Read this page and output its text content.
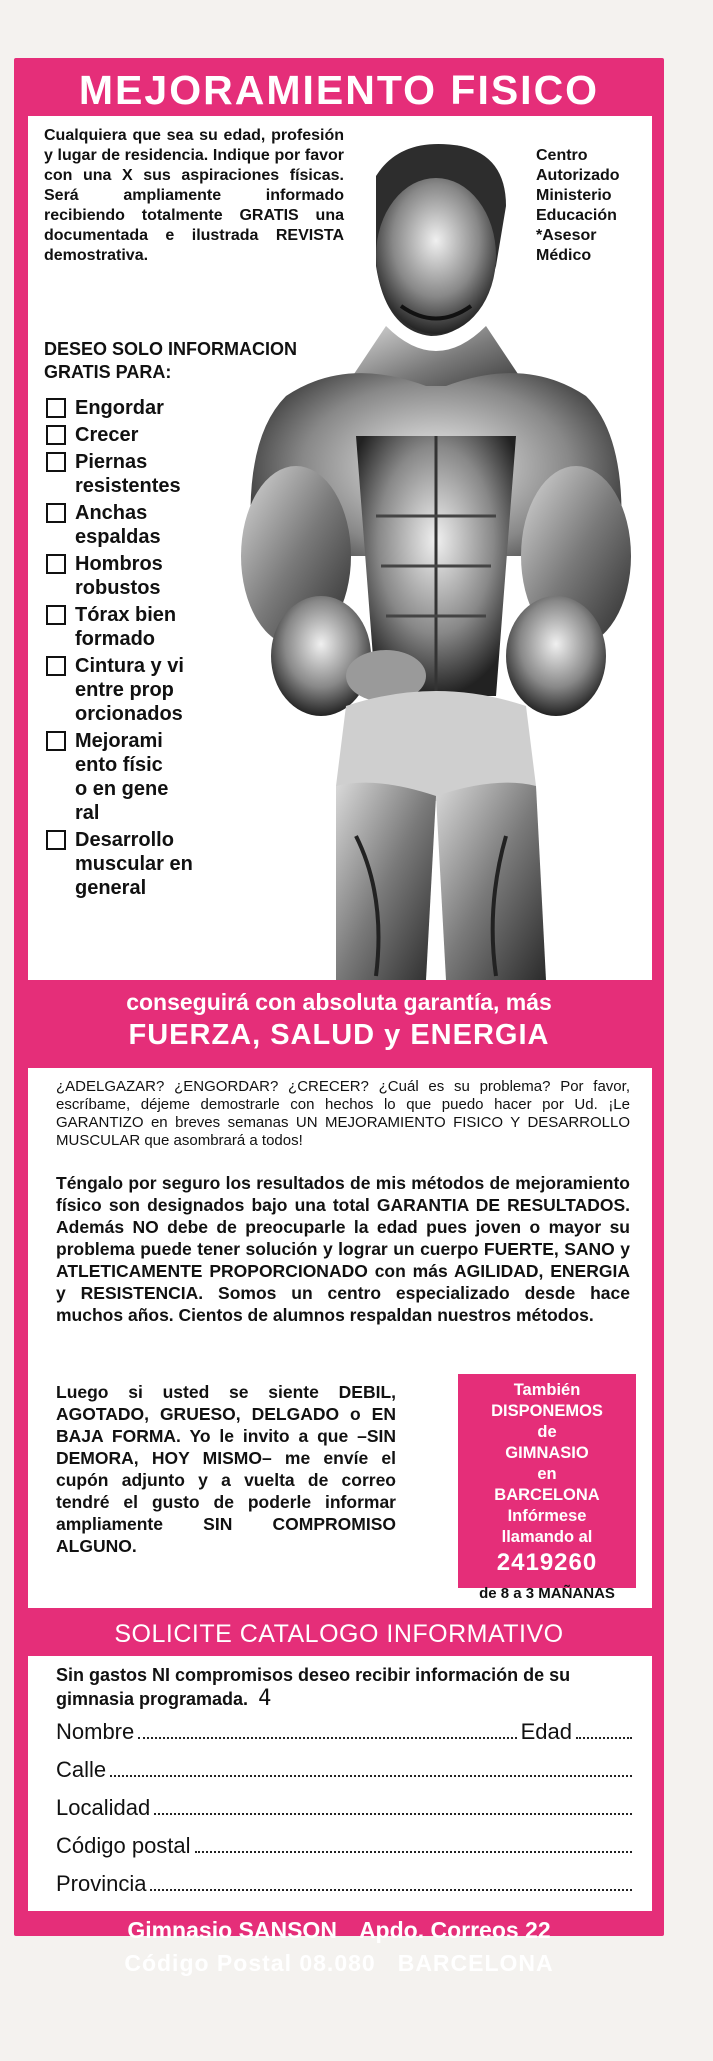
MEJORAMIENTO FISICO
Cualquiera que sea su edad, profesión y lugar de residencia. Indique por favor con una X sus aspiraciones físicas. Será ampliamente informado recibiendo totalmente GRATIS una documentada e ilustrada REVISTA demostrativa.
DESEO SOLO INFORMACION GRATIS PARA:
Engordar
Crecer
Piernas resistentes
Anchas espaldas
Hombros robustos
Tórax bien formado
Cintura y vientre proporcionados
Mejoramiento físico en general
Desarrollo muscular en general
Centro
Autorizado
Ministerio
Educación
*Asesor
Médico
conseguirá con absoluta garantía, más
FUERZA, SALUD y ENERGIA
¿ADELGAZAR? ¿ENGORDAR? ¿CRECER? ¿Cuál es su problema? Por favor, escríbame, déjeme demostrarle con hechos lo que puedo hacer por Ud. ¡Le GARANTIZO en breves semanas UN MEJORAMIENTO FISICO Y DESARROLLO MUSCULAR que asombrará a todos!
Téngalo por seguro los resultados de mis métodos de mejoramiento físico son designados bajo una total GARANTIA DE RESULTADOS. Además NO debe de preocuparle la edad pues joven o mayor su problema puede tener solución y lograr un cuerpo FUERTE, SANO y ATLETICAMENTE PROPORCIONADO con más AGILIDAD, ENERGIA y RESISTENCIA. Somos un centro especializado desde hace muchos años. Cientos de alumnos respaldan nuestros métodos.
Luego si usted se siente DEBIL, AGOTADO, GRUESO, DELGADO o EN BAJA FORMA. Yo le invito a que –SIN DEMORA, HOY MISMO– me envíe el cupón adjunto y a vuelta de correo tendré el gusto de poderle informar ampliamente SIN COMPROMISO ALGUNO.
También
DISPONEMOS
de
GIMNASIO
en
BARCELONA
Infórmese
llamando al
2419260
de 8 a 3 MAÑANAS
SOLICITE CATALOGO INFORMATIVO
Sin gastos NI compromisos deseo recibir información de su gimnasia programada. 4
Nombre	Edad
Calle
Localidad
Código postal
Provincia
Gimnasio SANSON Apdo. Correos 22
Código Postal 08.080 BARCELONA
